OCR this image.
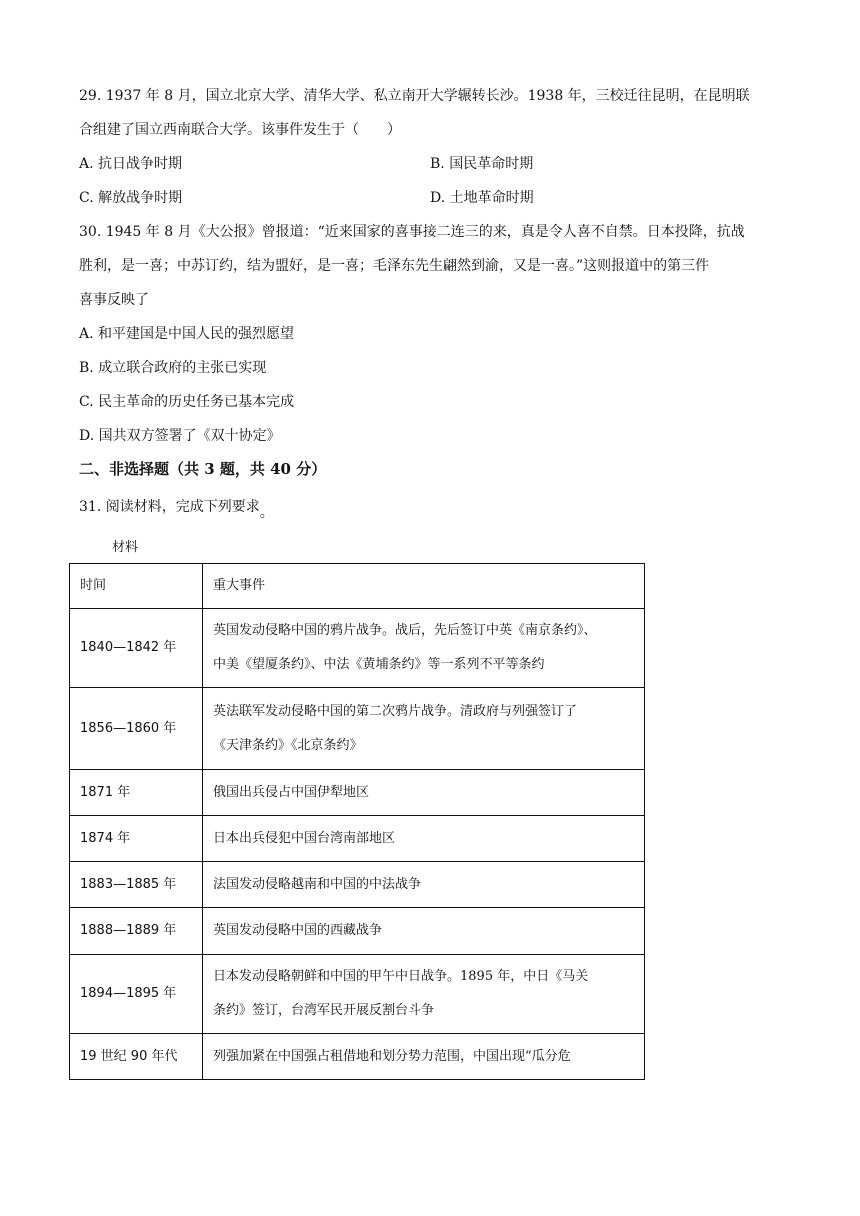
29. 1937 年 8 月，国立北京大学、清华大学、私立南开大学辗转长沙。1938 年，三校迁往昆明，在昆明联
合组建了国立西南联合大学。该事件发生于（　　）
A. 抗日战争时期	B. 国民革命时期
C. 解放战争时期	D. 土地革命时期
30. 1945 年 8 月《大公报》曾报道：“近来国家的喜事接二连三的来，真是令人喜不自禁。日本投降，抗战
胜利，是一喜；中苏订约，结为盟好，是一喜；毛泽东先生翩然到渝，又是一喜。”这则报道中的第三件
喜事反映了
A. 和平建国是中国人民的强烈愿望
B. 成立联合政府的主张已实现
C. 民主革命的历史任务已基本完成
D. 国共双方签署了《双十协定》
二、非选择题（共 3 题，共 40 分）
31. 阅读材料，完成下列要求。
材料
时间	重大事件
1840—1842 年	英国发动侵略中国的鸦片战争。战后，先后签订中英《南京条约》、
中美《望厦条约》、中法《黄埔条约》等一系列不平等条约

1856—1860 年	英法联军发动侵略中国的第二次鸦片战争。清政府与列强签订了
《天津条约》《北京条约》

1871 年	俄国出兵侵占中国伊犁地区
1874 年	日本出兵侵犯中国台湾南部地区
1883—1885 年	法国发动侵略越南和中国的中法战争
1888—1889 年	英国发动侵略中国的西藏战争
1894—1895 年	日本发动侵略朝鲜和中国的甲午中日战争。1895 年，中日《马关
条约》签订，台湾军民开展反割台斗争

19 世纪 90 年代	列强加紧在中国强占租借地和划分势力范围，中国出现“瓜分危
